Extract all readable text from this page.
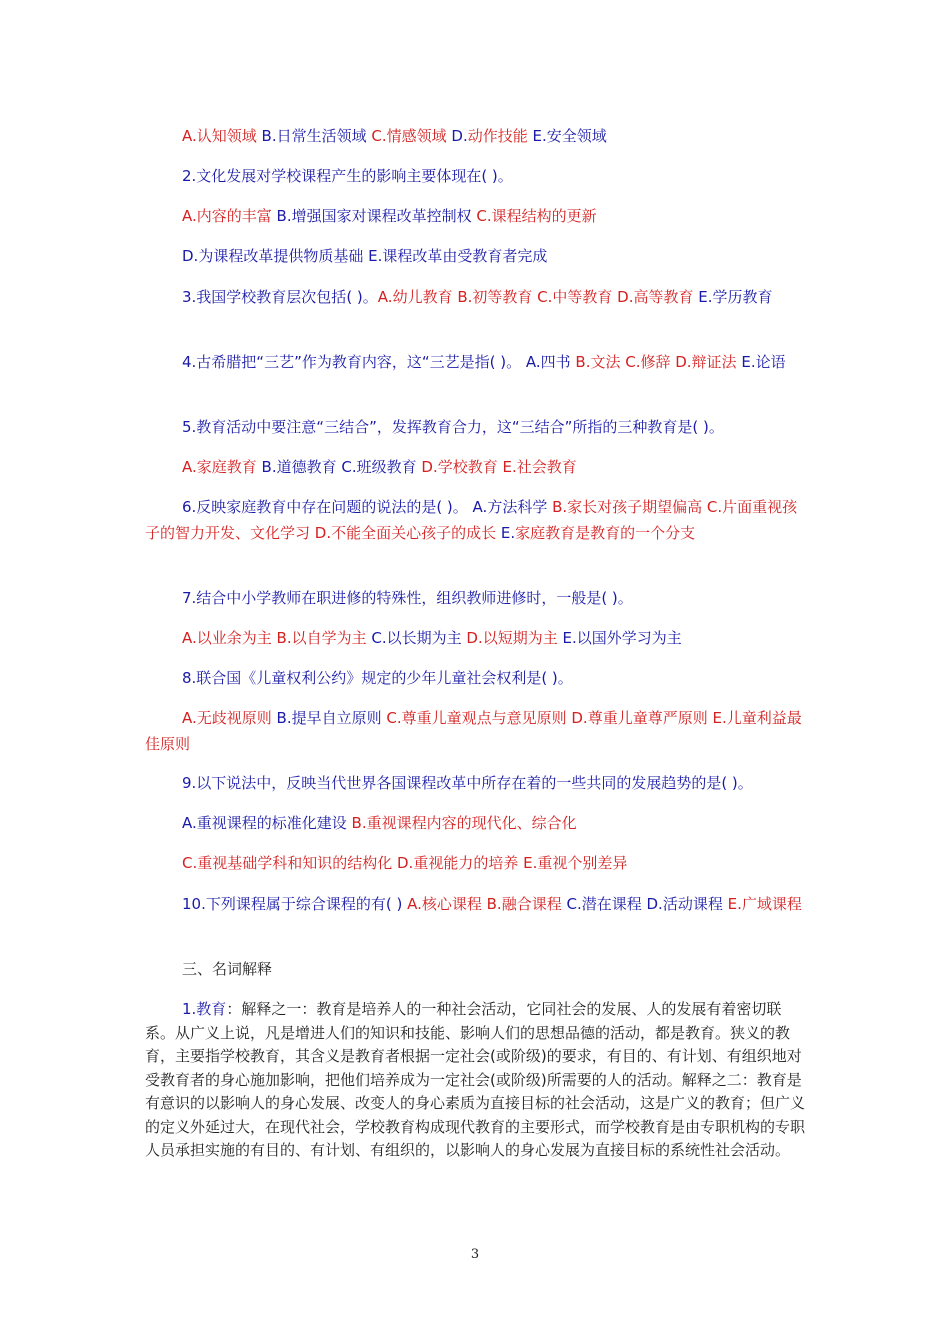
A.认知领域 B.日常生活领域 C.情感领域 D.动作技能 E.安全领域

2.文化发展对学校课程产生的影响主要体现在( )。

A.内容的丰富 B.增强国家对课程改革控制权 C.课程结构的更新

D.为课程改革提供物质基础 E.课程改革由受教育者完成

3.我国学校教育层次包括( )。A.幼儿教育 B.初等教育 C.中等教育 D.高等教育 E.学历教育

4.古希腊把“三艺”作为教育内容，这“三艺是指( )。 A.四书 B.文法 C.修辞 D.辩证法 E.论语

5.教育活动中要注意“三结合”，发挥教育合力，这“三结合”所指的三种教育是( )。

A.家庭教育 B.道德教育 C.班级教育 D.学校教育 E.社会教育

6.反映家庭教育中存在问题的说法的是( )。 A.方法科学 B.家长对孩子期望偏高 C.片面重视孩子的智力开发、文化学习 D.不能全面关心孩子的成长 E.家庭教育是教育的一个分支

7.结合中小学教师在职进修的特殊性，组织教师进修时，一般是( )。

A.以业余为主 B.以自学为主 C.以长期为主 D.以短期为主 E.以国外学习为主

8.联合国《儿童权利公约》规定的少年儿童社会权利是( )。

A.无歧视原则 B.提早自立原则 C.尊重儿童观点与意见原则 D.尊重儿童尊严原则 E.儿童利益最佳原则

9.以下说法中，反映当代世界各国课程改革中所存在着的一些共同的发展趋势的是( )。

A.重视课程的标准化建设 B.重视课程内容的现代化、综合化

C.重视基础学科和知识的结构化 D.重视能力的培养 E.重视个别差异

10.下列课程属于综合课程的有( ) A.核心课程 B.融合课程 C.潜在课程 D.活动课程 E.广域课程

三、名词解释

1.教育：解释之一：教育是培养人的一种社会活动，它同社会的发展、人的发展有着密切联系。从广义上说，凡是增进人们的知识和技能、影响人们的思想品德的活动，都是教育。狭义的教育，主要指学校教育，其含义是教育者根据一定社会(或阶级)的要求，有目的、有计划、有组织地对受教育者的身心施加影响，把他们培养成为一定社会(或阶级)所需要的人的活动。解释之二：教育是有意识的以影响人的身心发展、改变人的身心素质为直接目标的社会活动，这是广义的教育；但广义的定义外延过大，在现代社会，学校教育构成现代教育的主要形式，而学校教育是由专职机构的专职人员承担实施的有目的、有计划、有组织的，以影响人的身心发展为直接目标的系统性社会活动。

3
